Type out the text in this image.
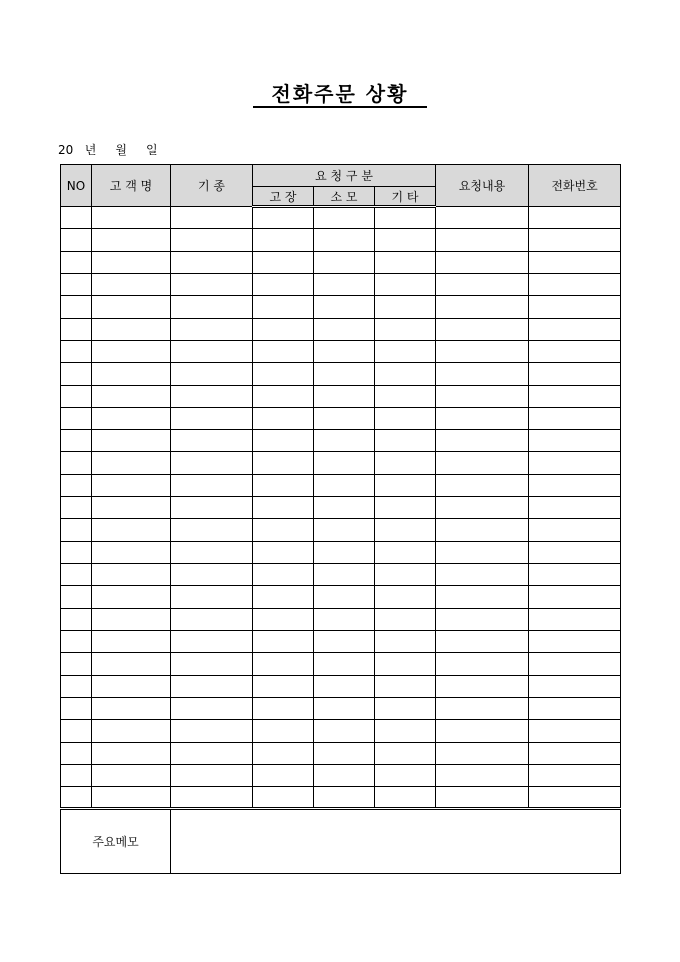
전화주문 상황
20   년     월     일
NO	고 객 명	기 종	요 청 구 분			요청내용	전화번호
			고 장	소 모	기 타		

주요메모							
